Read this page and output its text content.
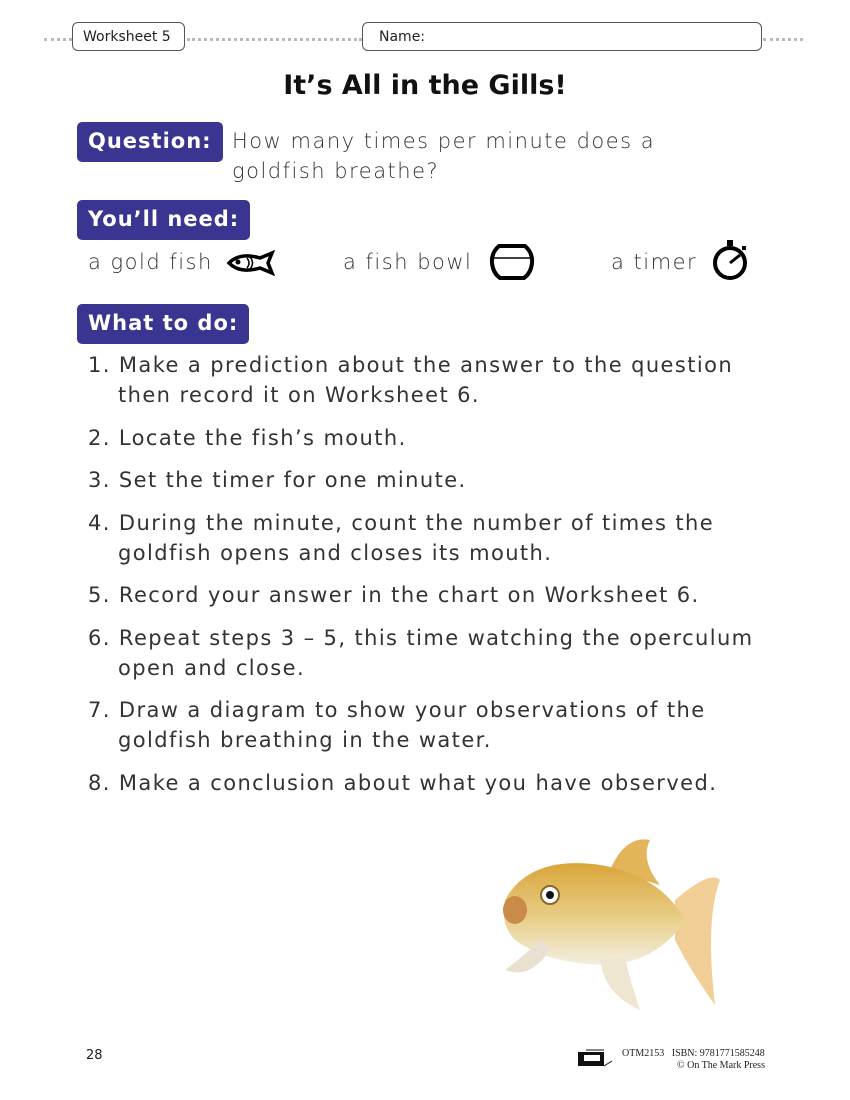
Worksheet 5	Name:
It’s All in the Gills!
Question: How many times per minute does a
goldfish breathe?
You’ll need:
a gold fish	a fish bowl	a timer
What to do:
1. Make a prediction about the answer to the question then record it on Worksheet 6.
2. Locate the fish’s mouth.
3. Set the timer for one minute.
4. During the minute, count the number of times the goldfish opens and closes its mouth.
5. Record your answer in the chart on Worksheet 6.
6. Repeat steps 3 – 5, this time watching the operculum open and close.
7. Draw a diagram to show your observations of the goldfish breathing in the water.
8. Make a conclusion about what you have observed.
28	OTM2153 ISBN: 9781771585248
© On The Mark Press
